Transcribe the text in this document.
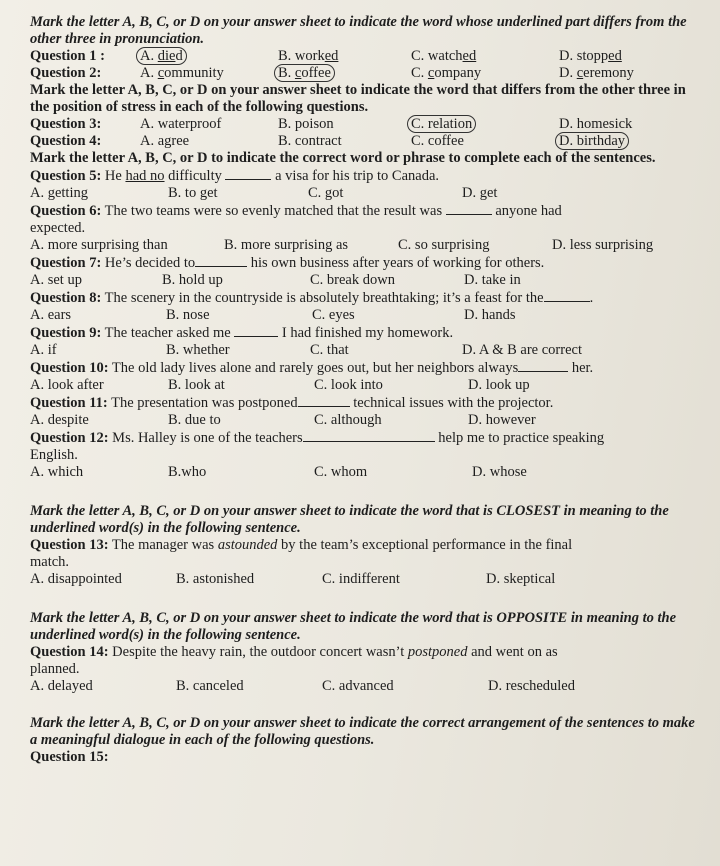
Mark the letter A, B, C, or D on your answer sheet to indicate the word whose underlined part differs from the other three in pronunciation.

Question 1 :	A. died	B. worked	C. watched	D. stopped
Question 2:	A. community	B. coffee	C. company	D. ceremony

Mark the letter A, B, C, or D on your answer sheet to indicate the word that differs from the other three in the position of stress in each of the following questions.

Question 3:	A. waterproof	B. poison	C. relation	D. homesick
Question 4:	A. agree	B. contract	C. coffee	D. birthday

Mark the letter A, B, C, or D to indicate the correct word or phrase to complete each of the sentences.

Question 5: He had no difficulty	a visa for his trip to Canada.

A. getting	B. to get	C. got	D. get

Question 6: The two teams were so evenly matched that the result was	anyone had
expected.

A. more surprising than	B. more surprising as	C. so surprising	D. less surprising

Question 7: He’s decided to	his own business after years of working for others.

A. set up	B. hold up	C. break down	D. take in

Question 8: The scenery in the countryside is absolutely breathtaking; it’s a feast for the	.

A. ears	B. nose	C. eyes	D. hands

Question 9: The teacher asked me	I had finished my homework.

A. if	B. whether	C. that	D. A & B are correct

Question 10: The old lady lives alone and rarely goes out, but her neighbors always	her.

A. look after	B. look at	C. look into	D. look up

Question 11: The presentation was postponed	technical issues with the projector.

A. despite	B. due to	C. although	D. however

Question 12: Ms. Halley is one of the teachers	help me to practice speaking
English.

A. which	B.who	C. whom	D. whose

Mark the letter A, B, C, or D on your answer sheet to indicate the word that is CLOSEST in meaning to the underlined word(s) in the following sentence.

Question 13: The manager was astounded by the team’s exceptional performance in the final
match.

A. disappointed	B. astonished	C. indifferent	D. skeptical

Mark the letter A, B, C, or D on your answer sheet to indicate the word that is OPPOSITE in meaning to the underlined word(s) in the following sentence.

Question 14: Despite the heavy rain, the outdoor concert wasn’t postponed and went on as
planned.

A. delayed	B. canceled	C. advanced	D. rescheduled

Mark the letter A, B, C, or D on your answer sheet to indicate the correct arrangement of the sentences to make a meaningful dialogue in each of the following questions.

Question 15:
